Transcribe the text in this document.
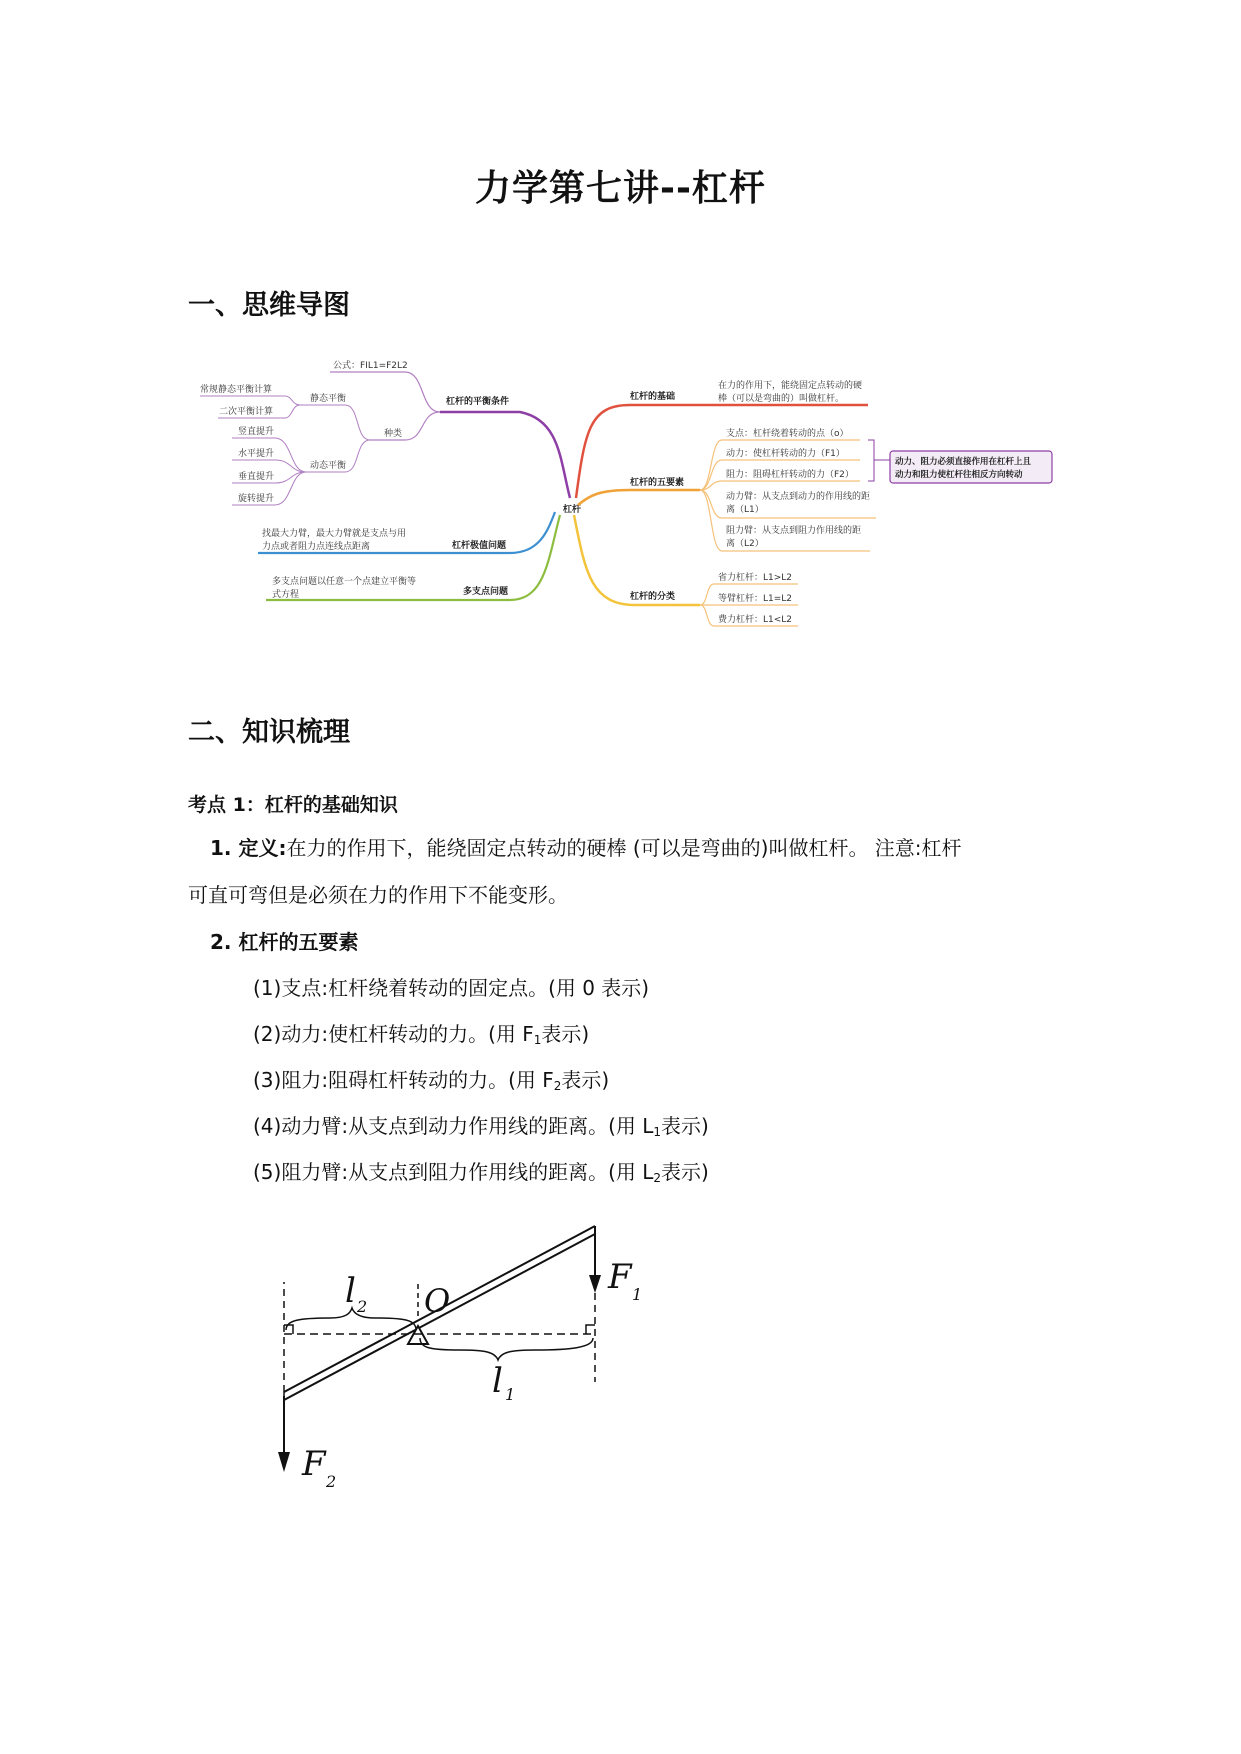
力学第七讲--杠杆
一、思维导图
杠杆
杠杆的平衡条件
公式：FIL1=F2L2
种类
静态平衡
常规静态平衡计算
二次平衡计算
动态平衡
竖直提升
水平提升
垂直提升
旋转提升
杠杆极值问题
找最大力臂，最大力臂就是支点与用
力点或者阻力点连线点距离
多支点问题
多支点问题以任意一个点建立平衡等
式方程
杠杆的基础
在力的作用下，能绕固定点转动的硬
棒（可以是弯曲的）叫做杠杆。
杠杆的五要素
支点：杠杆绕着转动的点（o）
动力：使杠杆转动的力（F1）
阻力：阻碍杠杆转动的力（F2）
动力臂：从支点到动力的作用线的距
离（L1）
阻力臂：从支点到阻力作用线的距
离（L2）
动力、阻力必须直接作用在杠杆上且
动力和阻力使杠杆往相反方向转动
杠杆的分类
省力杠杆：L1>L2
等臂杠杆：L1=L2
费力杠杆：L1<L2
二、知识梳理
考点 1：杠杆的基础知识
1. 定义:在力的作用下，能绕固定点转动的硬棒 (可以是弯曲的)叫做杠杆。 注意:杠杆
可直可弯但是必须在力的作用下不能变形。
2. 杠杆的五要素
(1)支点:杠杆绕着转动的固定点。(用 0 表示)
(2)动力:使杠杆转动的力。(用 $F_1$表示)
(3)阻力:阻碍杠杆转动的力。(用 $F_2$表示)
(4)动力臂:从支点到动力作用线的距离。(用 $L_1$表示)
(5)阻力臂:从支点到阻力作用线的距离。(用 $L_2$表示)
F 1
F 2
O
l 2
l 1
